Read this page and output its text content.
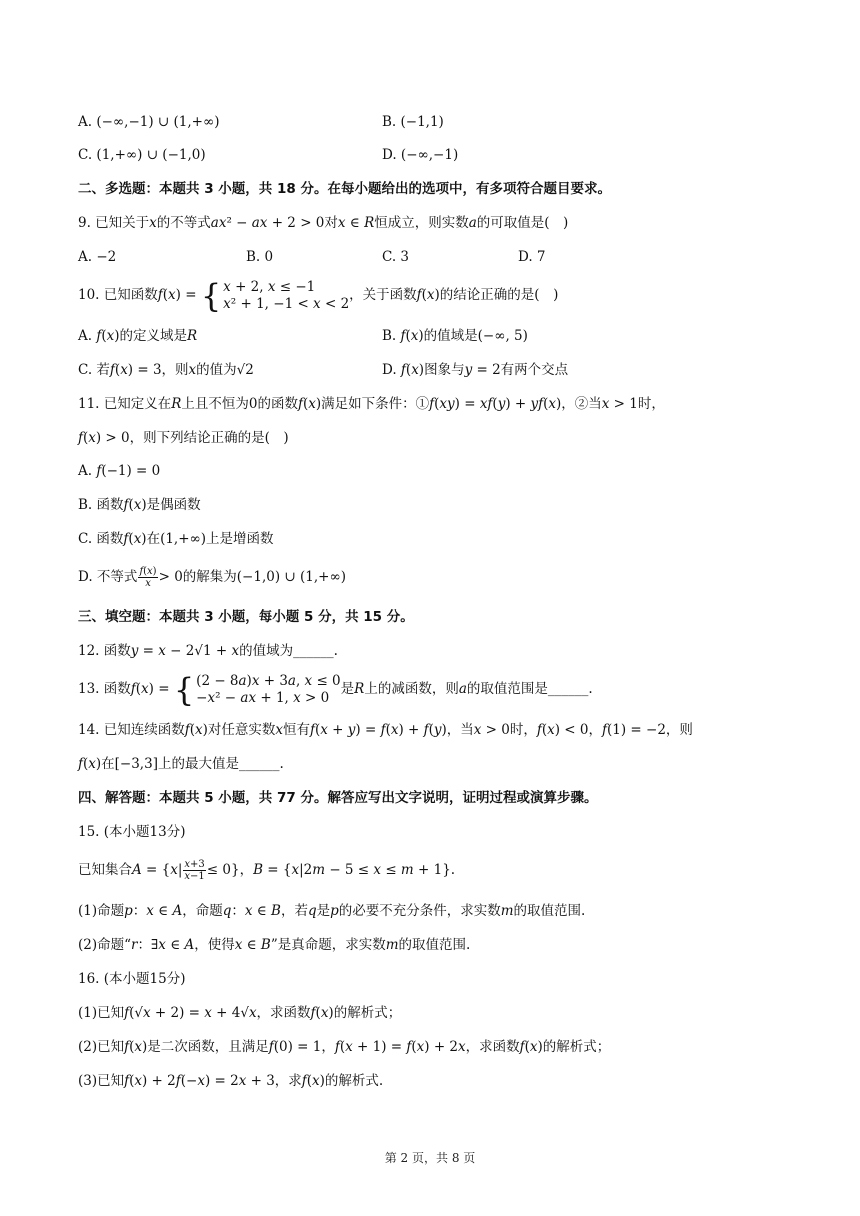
A. (−∞,−1) ∪ (1,+∞)	B. (−1,1)
C. (1,+∞) ∪ (−1,0)	D. (−∞,−1)
二、多选题：本题共 3 小题，共 18 分。在每小题给出的选项中，有多项符合题目要求。
9. 已知关于𝑥的不等式𝑎𝑥² − 𝑎𝑥 + 2 > 0对𝑥 ∈ 𝑅恒成立，则实数𝑎的可取值是(　)
A. −2	B. 0	C. 3	D. 7
10. 已知函数𝑓(𝑥) = { 𝑥 + 2, 𝑥 ≤ −1
𝑥² + 1, −1 < 𝑥 < 2
，关于函数𝑓(𝑥)的结论正确的是(　)
A. 𝑓(𝑥)的定义域是𝑅	B. 𝑓(𝑥)的值域是(−∞, 5)
C. 若𝑓(𝑥) = 3，则𝑥的值为√2	D. 𝑓(𝑥)图象与𝑦 = 2有两个交点
11. 已知定义在𝑅上且不恒为0的函数𝑓(𝑥)满足如下条件：①𝑓(𝑥𝑦) = 𝑥𝑓(𝑦) + 𝑦𝑓(𝑥)，②当𝑥 > 1时，
𝑓(𝑥) > 0，则下列结论正确的是(　)
A. 𝑓(−1) = 0
B. 函数𝑓(𝑥)是偶函数
C. 函数𝑓(𝑥)在(1,+∞)上是增函数
D. 不等式 $\frac{\text{𝑓(𝑥)}}{\text{𝑥}} > 0$的解集为(−1,0) ∪ (1,+∞)
三、填空题：本题共 3 小题，每小题 5 分，共 15 分。
12. 函数𝑦 = 𝑥 − 2√1 + 𝑥的值域为______.
13. 函数𝑓(𝑥) = { (2 − 8𝑎)𝑥 + 3𝑎, 𝑥 ≤ 0
−𝑥² − 𝑎𝑥 + 1, 𝑥 > 0
是𝑅上的减函数，则𝑎的取值范围是______.
14. 已知连续函数𝑓(𝑥)对任意实数𝑥恒有𝑓(𝑥 + 𝑦) = 𝑓(𝑥) + 𝑓(𝑦)，当𝑥 > 0时，𝑓(𝑥) < 0，𝑓(1) = −2，则
𝑓(𝑥)在[−3,3]上的最大值是______.
四、解答题：本题共 5 小题，共 77 分。解答应写出文字说明，证明过程或演算步骤。
15. (本小题13分)
已知集合𝐴 = {𝑥| $\frac{\text{𝑥+3}}{\text{𝑥−1}} \le 0$}，𝐵 = {𝑥|2𝑚 − 5 ≤ 𝑥 ≤ 𝑚 + 1}.
(1)命题𝑝：𝑥 ∈ 𝐴，命题𝑞：𝑥 ∈ 𝐵，若𝑞是𝑝的必要不充分条件，求实数𝑚的取值范围.
(2)命题“𝑟：∃𝑥 ∈ 𝐴，使得𝑥 ∈ 𝐵”是真命题，求实数𝑚的取值范围.
16. (本小题15分)
(1)已知𝑓(√𝑥 + 2) = 𝑥 + 4√𝑥，求函数𝑓(𝑥)的解析式；
(2)已知𝑓(𝑥)是二次函数，且满足𝑓(0) = 1，𝑓(𝑥 + 1) = 𝑓(𝑥) + 2𝑥，求函数𝑓(𝑥)的解析式；
(3)已知𝑓(𝑥) + 2𝑓(−𝑥) = 2𝑥 + 3，求𝑓(𝑥)的解析式.
第 2 页，共 8 页
